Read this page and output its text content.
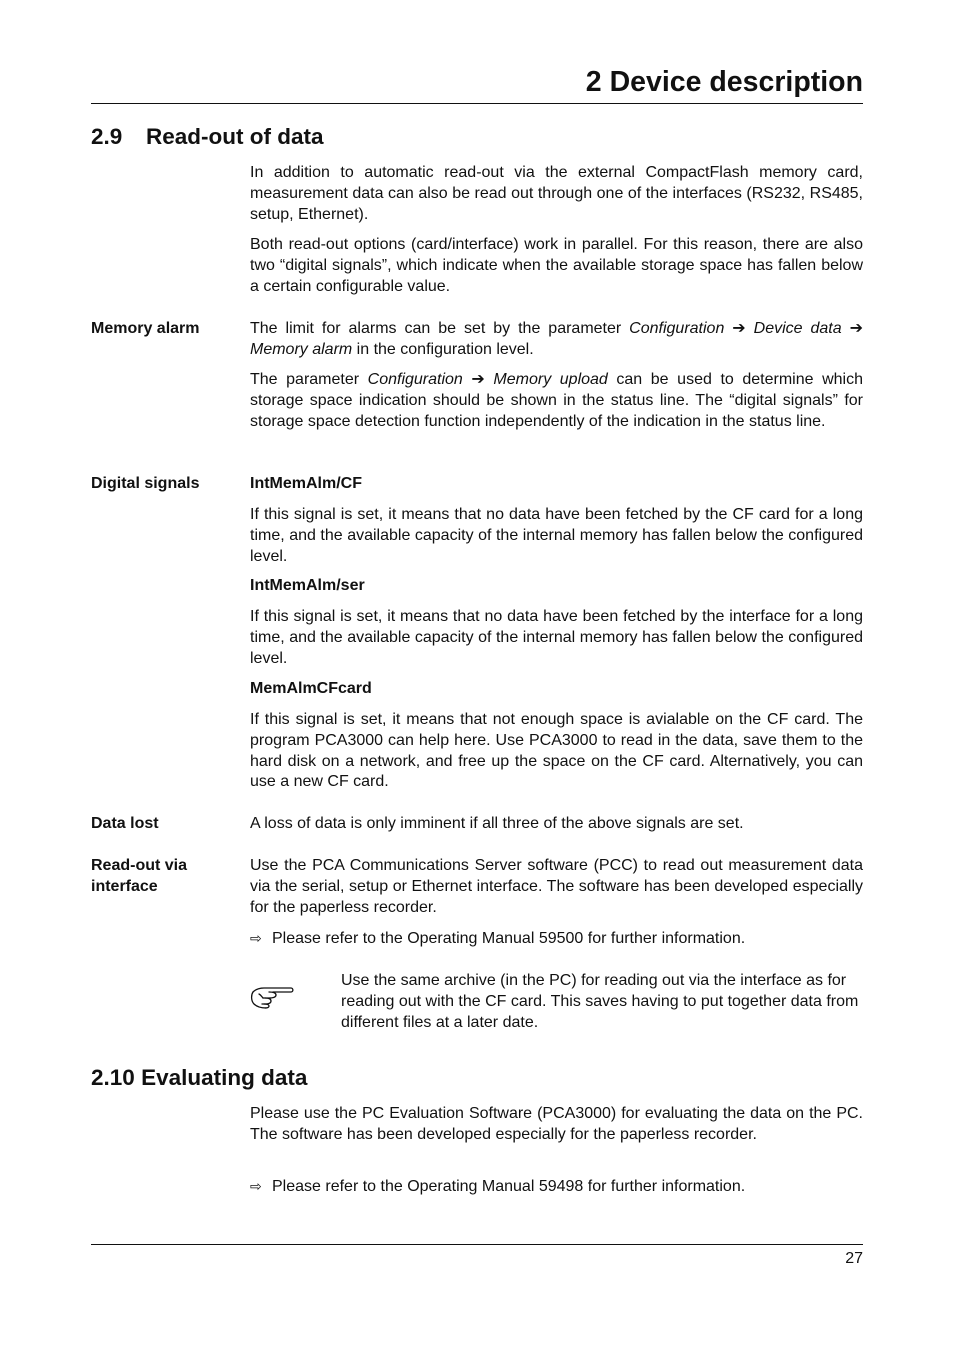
2 Device description
2.9 Read-out of data
In addition to automatic read-out via the external CompactFlash memory card, measurement data can also be read out through one of the interfaces (RS232, RS485, setup, Ethernet).
Both read-out options (card/interface) work in parallel. For this reason, there are also two “digital signals”, which indicate when the available storage space has fallen below a certain configurable value.
Memory alarm	The limit for alarms can be set by the parameter Configuration ➔ Device data ➔ Memory alarm in the configuration level.
The parameter Configuration ➔ Memory upload can be used to determine which storage space indication should be shown in the status line. The “digital signals” for storage space detection function independently of the indication in the status line.
Digital signals	IntMemAlm/CF
If this signal is set, it means that no data have been fetched by the CF card for a long time, and the available capacity of the internal memory has fallen below the configured level.
IntMemAlm/ser
If this signal is set, it means that no data have been fetched by the interface for a long time, and the available capacity of the internal memory has fallen below the configured level.
MemAlmCFcard
If this signal is set, it means that not enough space is avialable on the CF card. The program PCA3000 can help here. Use PCA3000 to read in the data, save them to the hard disk on a network, and free up the space on the CF card. Alternatively, you can use a new CF card.
Data lost	A loss of data is only imminent if all three of the above signals are set.
Read-out via
interface
Use the PCA Communications Server software (PCC) to read out measurement data via the serial, setup or Ethernet interface. The software has been developed especially for the paperless recorder.
⇨ Please refer to the Operating Manual 59500 for further information.
Use the same archive (in the PC) for reading out via the interface as for reading out with the CF card. This saves having to put together data from different files at a later date.
2.10 Evaluating data
Please use the PC Evaluation Software (PCA3000) for evaluating the data on the PC. The software has been developed especially for the paperless recorder.
⇨ Please refer to the Operating Manual 59498 for further information.
27
